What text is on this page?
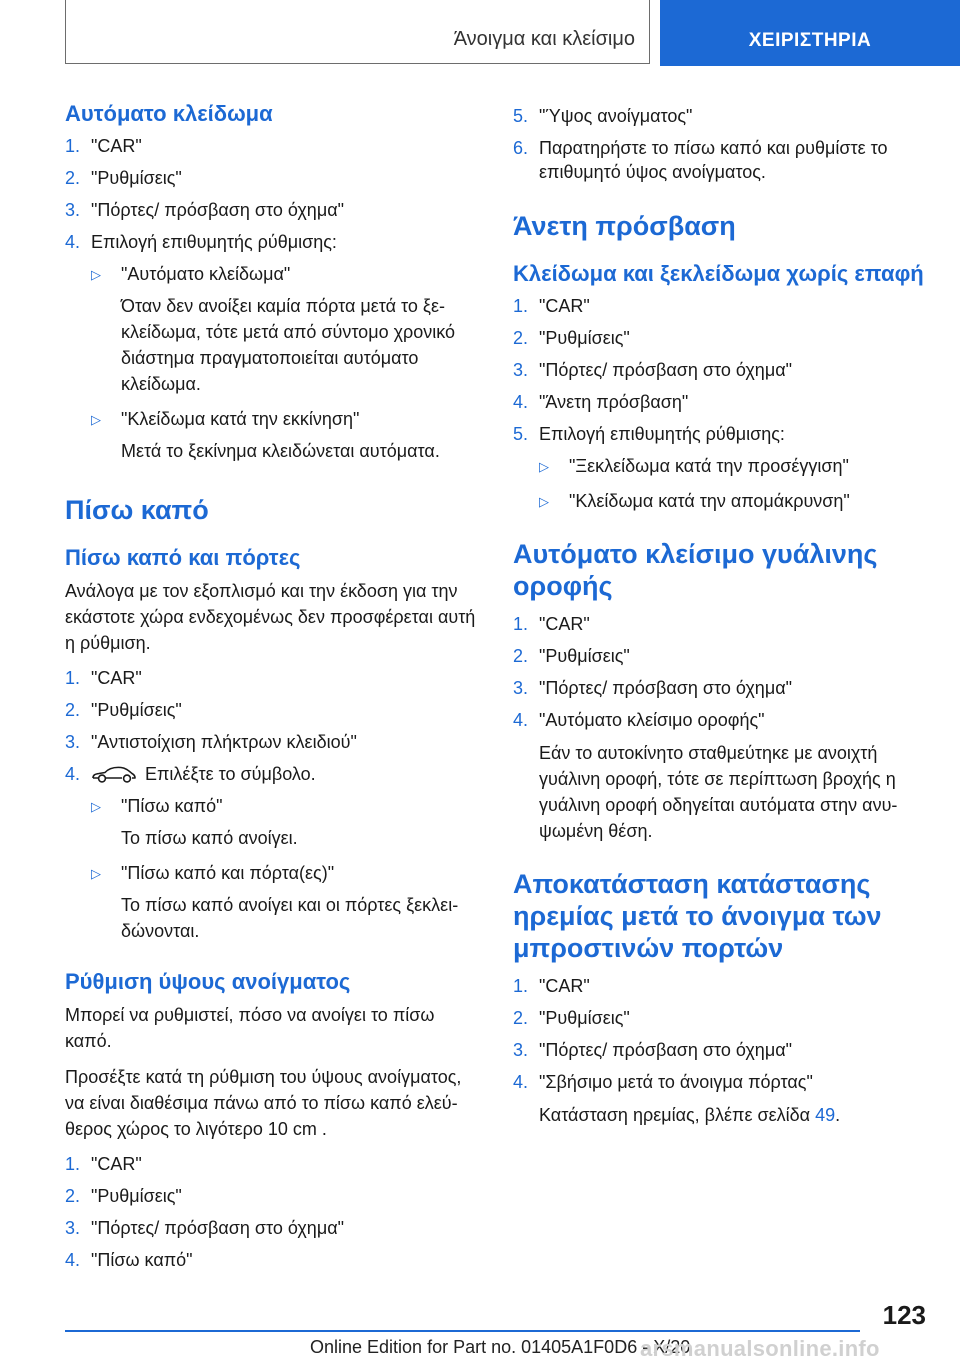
Άνοιγμα και κλείσιμο	ΧΕΙΡΙΣΤΗΡΙΑ
Αυτόματο κλείδωμα
1. "CAR"
2. "Ρυθμίσεις"
3. "Πόρτες/ πρόσβαση στο όχημα"
4. Επιλογή επιθυμητής ρύθμισης:
▷	"Αυτόματο κλείδωμα"
Όταν δεν ανοίξει καμία πόρτα μετά το ξε-κλείδωμα, τότε μετά από σύντομο χρονικό διάστημα πραγματοποιείται αυτόματο κλείδωμα.
▷	"Κλείδωμα κατά την εκκίνηση"
Μετά το ξεκίνημα κλειδώνεται αυτόματα.
Πίσω καπό
Πίσω καπό και πόρτες
Ανάλογα με τον εξοπλισμό και την έκδοση για την εκάστοτε χώρα ενδεχομένως δεν προσφέρεται αυτή η ρύθμιση.
1. "CAR"
2. "Ρυθμίσεις"
3. "Αντιστοίχιση πλήκτρων κλειδιού"
4.	Επιλέξτε το σύμβολο.
▷	"Πίσω καπό"
Το πίσω καπό ανοίγει.
▷	"Πίσω καπό και πόρτα(ες)"
Το πίσω καπό ανοίγει και οι πόρτες ξεκλει-δώνονται.
Ρύθμιση ύψους ανοίγματος
Μπορεί να ρυθμιστεί, πόσο να ανοίγει το πίσω καπό.
Προσέξτε κατά τη ρύθμιση του ύψους ανοίγματος, να είναι διαθέσιμα πάνω από το πίσω καπό ελεύ-θερος χώρος το λιγότερο 10 cm .
1. "CAR"
2. "Ρυθμίσεις"
3. "Πόρτες/ πρόσβαση στο όχημα"
4. "Πίσω καπό"
5. "Ύψος ανοίγματος"
6. Παρατηρήστε το πίσω καπό και ρυθμίστε το επιθυμητό ύψος ανοίγματος.
Άνετη πρόσβαση
Κλείδωμα και ξεκλείδωμα χωρίς επαφή
1. "CAR"
2. "Ρυθμίσεις"
3. "Πόρτες/ πρόσβαση στο όχημα"
4. "Άνετη πρόσβαση"
5. Επιλογή επιθυμητής ρύθμισης:
▷	"Ξεκλείδωμα κατά την προσέγγιση"
▷	"Κλείδωμα κατά την απομάκρυνση"
Αυτόματο κλείσιμο γυάλινης οροφής
1. "CAR"
2. "Ρυθμίσεις"
3. "Πόρτες/ πρόσβαση στο όχημα"
4. "Αυτόματο κλείσιμο οροφής"
Εάν το αυτοκίνητο σταθμεύτηκε με ανοιχτή γυάλινη οροφή, τότε σε περίπτωση βροχής η γυάλινη οροφή οδηγείται αυτόματα στην ανυ-ψωμένη θέση.
Αποκατάσταση κατάστασης ηρεμίας μετά το άνοιγμα των μπροστινών πορτών
1. "CAR"
2. "Ρυθμίσεις"
3. "Πόρτες/ πρόσβαση στο όχημα"
4. "Σβήσιμο μετά το άνοιγμα πόρτας"
Κατάσταση ηρεμίας, βλέπε σελίδα 49.
123
Online Edition for Part no. 01405A1F0D6 - X/20
arsmanualsonline.info
